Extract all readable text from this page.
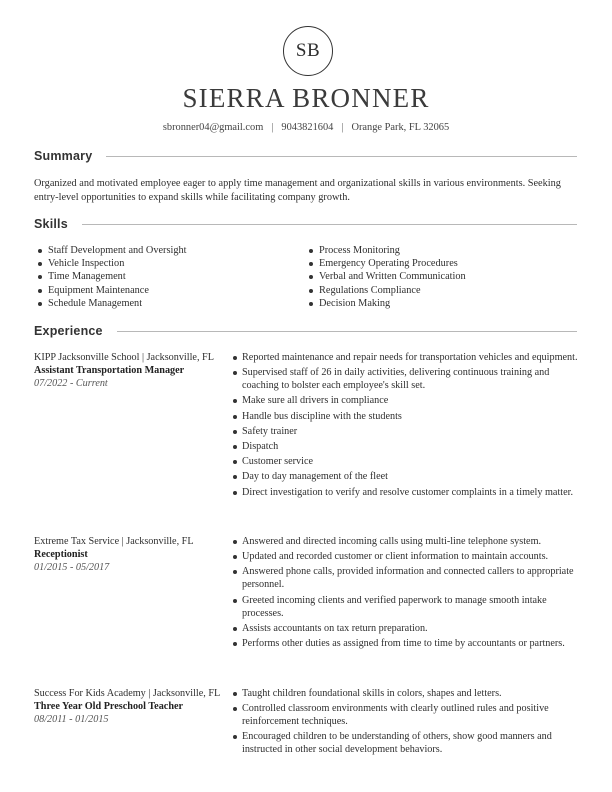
SB
SIERRA BRONNER
sbronner04@gmail.com | 9043821604 | Orange Park, FL 32065
Summary
Organized and motivated employee eager to apply time management and organizational skills in various environments. Seeking entry-level opportunities to expand skills while facilitating company growth.
Skills
Staff Development and Oversight
Vehicle Inspection
Time Management
Equipment Maintenance
Schedule Management
Process Monitoring
Emergency Operating Procedures
Verbal and Written Communication
Regulations Compliance
Decision Making
Experience
KIPP Jacksonville School | Jacksonville, FL
Assistant Transportation Manager
07/2022 - Current
Reported maintenance and repair needs for transportation vehicles and equipment.
Supervised staff of 26 in daily activities, delivering continuous training and coaching to bolster each employee's skill set.
Make sure all drivers in compliance
Handle bus discipline with the students
Safety trainer
Dispatch
Customer service
Day to day management of the fleet
Direct investigation to verify and resolve customer complaints in a timely matter.
Extreme Tax Service | Jacksonville, FL
Receptionist
01/2015 - 05/2017
Answered and directed incoming calls using multi-line telephone system.
Updated and recorded customer or client information to maintain accounts.
Answered phone calls, provided information and connected callers to appropriate personnel.
Greeted incoming clients and verified paperwork to manage smooth intake processes.
Assists accountants on tax return preparation.
Performs other duties as assigned from time to time by accountants or partners.
Success For Kids Academy | Jacksonville, FL
Three Year Old Preschool Teacher
08/2011 - 01/2015
Taught children foundational skills in colors, shapes and letters.
Controlled classroom environments with clearly outlined rules and positive reinforcement techniques.
Encouraged children to be understanding of others, show good manners and instructed in other social development behaviors.
